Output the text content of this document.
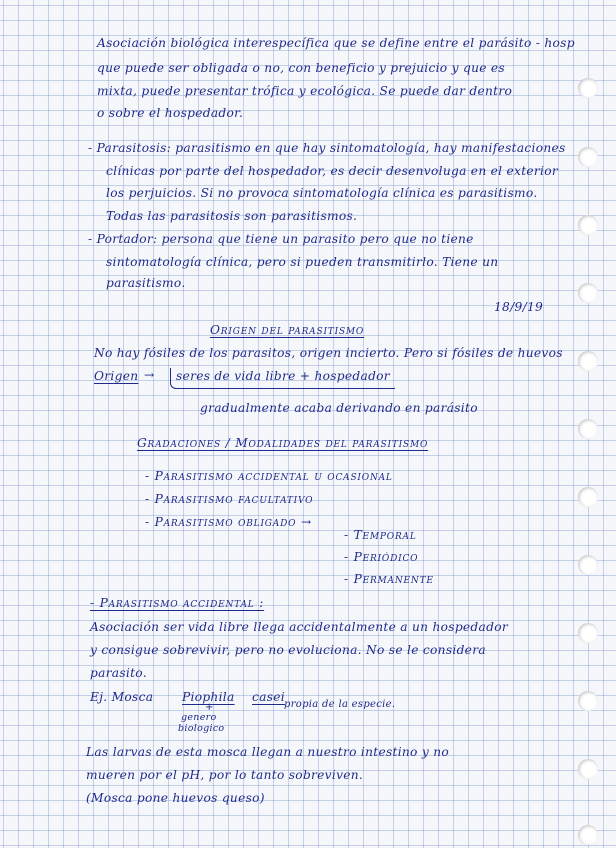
Asociación biológica interespecífica que se define entre el parásito - hosp
que puede ser obligada o no, con beneficio y prejuicio y que es
mixta, puede presentar trófica y ecológica. Se puede dar dentro
o sobre el hospedador.
- Parasitosis: parasitismo en que hay sintomatología, hay manifestaciones
clínicas por parte del hospedador, es decir desenvoluga en el exterior
los perjuicios. Si no provoca sintomatología clínica es parasitismo.
Todas las parasitosis son parasitismos.
- Portador: persona que tiene un parasito pero que no tiene
sintomatología clínica, pero si pueden transmitirlo. Tiene un
parasitismo.
18/9/19
Origen del parasitismo
No hay fósiles de los parasitos, origen incierto. Pero si fósiles de huevos
Origen → seres de vida libre + hospedador
gradualmente acaba derivando en parásito
Gradaciones / Modalidades del parasitismo
- Parasitismo accidental u ocasional
- Parasitismo facultativo
- Parasitismo obligado →
- Temporal
- Periódico
- Permanente
- Parasitismo accidental :
Asociación ser vida libre llega accidentalmente a un hospedador
y consigue sobrevivir, pero no evoluciona. No se le considera
parasito.
Ej. Mosca Piophila casei
propia de la especie.
+
genero
biologico
Las larvas de esta mosca llegan a nuestro intestino y no
mueren por el pH, por lo tanto sobreviven.
(Mosca pone huevos queso)
